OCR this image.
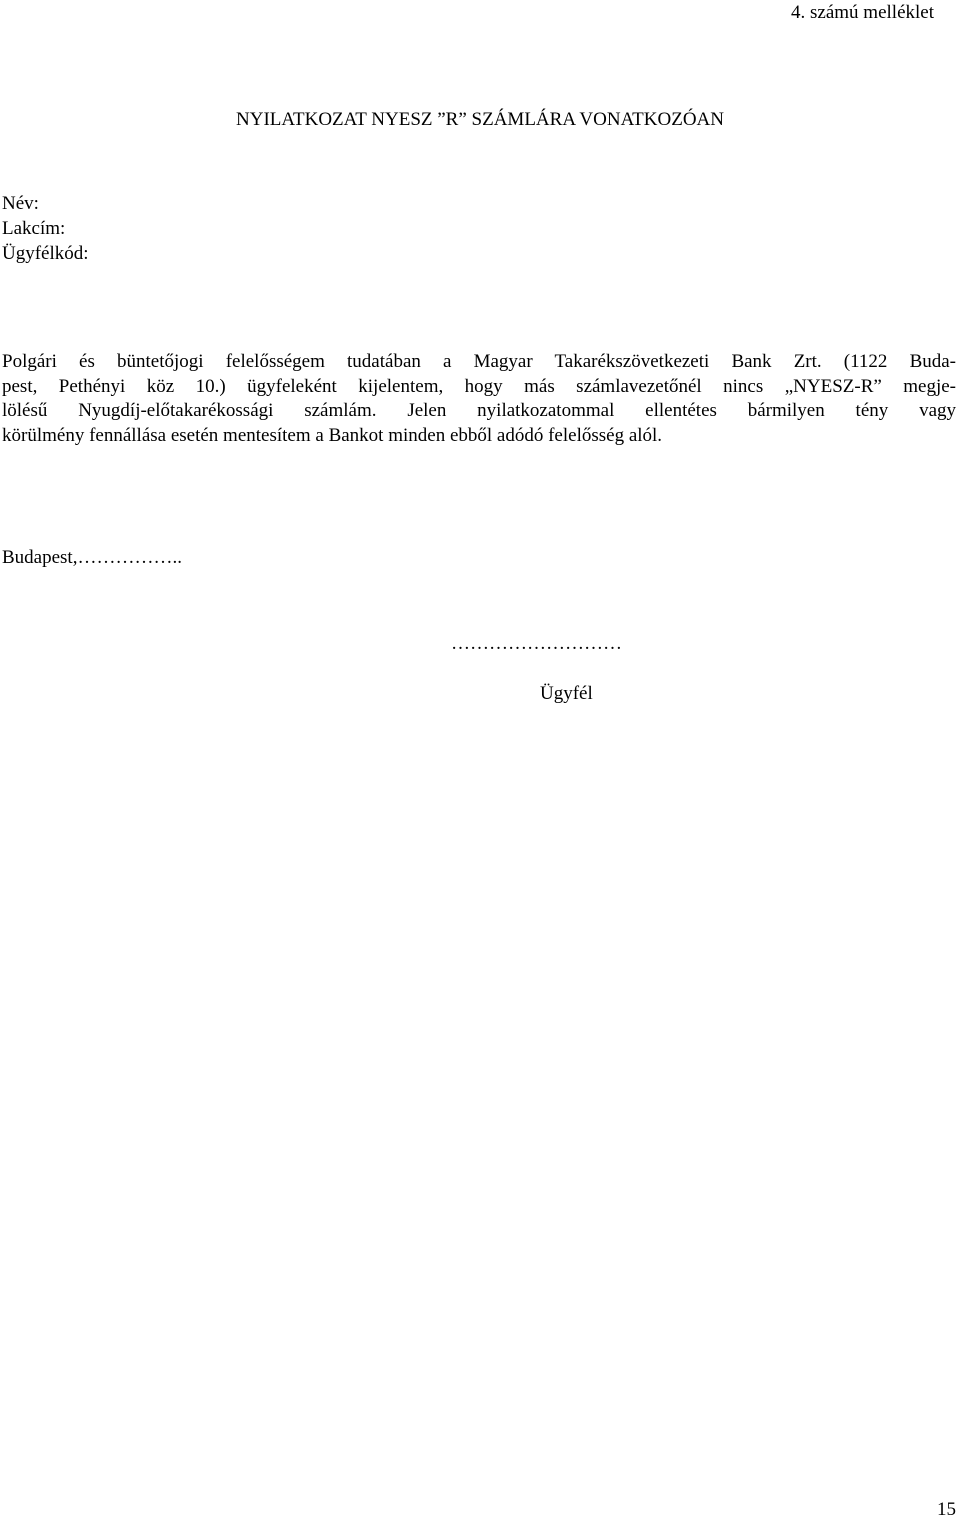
4. számú melléklet
NYILATKOZAT NYESZ ”R” SZÁMLÁRA VONATKOZÓAN
Név:
Lakcím:
Ügyfélkód:
Polgári és büntetőjogi felelősségem tudatában a Magyar Takarékszövetkezeti Bank Zrt. (1122 Buda-
pest, Pethényi köz 10.) ügyfeleként kijelentem, hogy más számlavezetőnél nincs „NYESZ-R” megje-
lölésű Nyugdíj-előtakarékossági számlám. Jelen nyilatkozatommal ellentétes bármilyen tény vagy
körülmény fennállása esetén mentesítem a Bankot minden ebből adódó felelősség alól.
Budapest,……………..
………………………
Ügyfél
15
